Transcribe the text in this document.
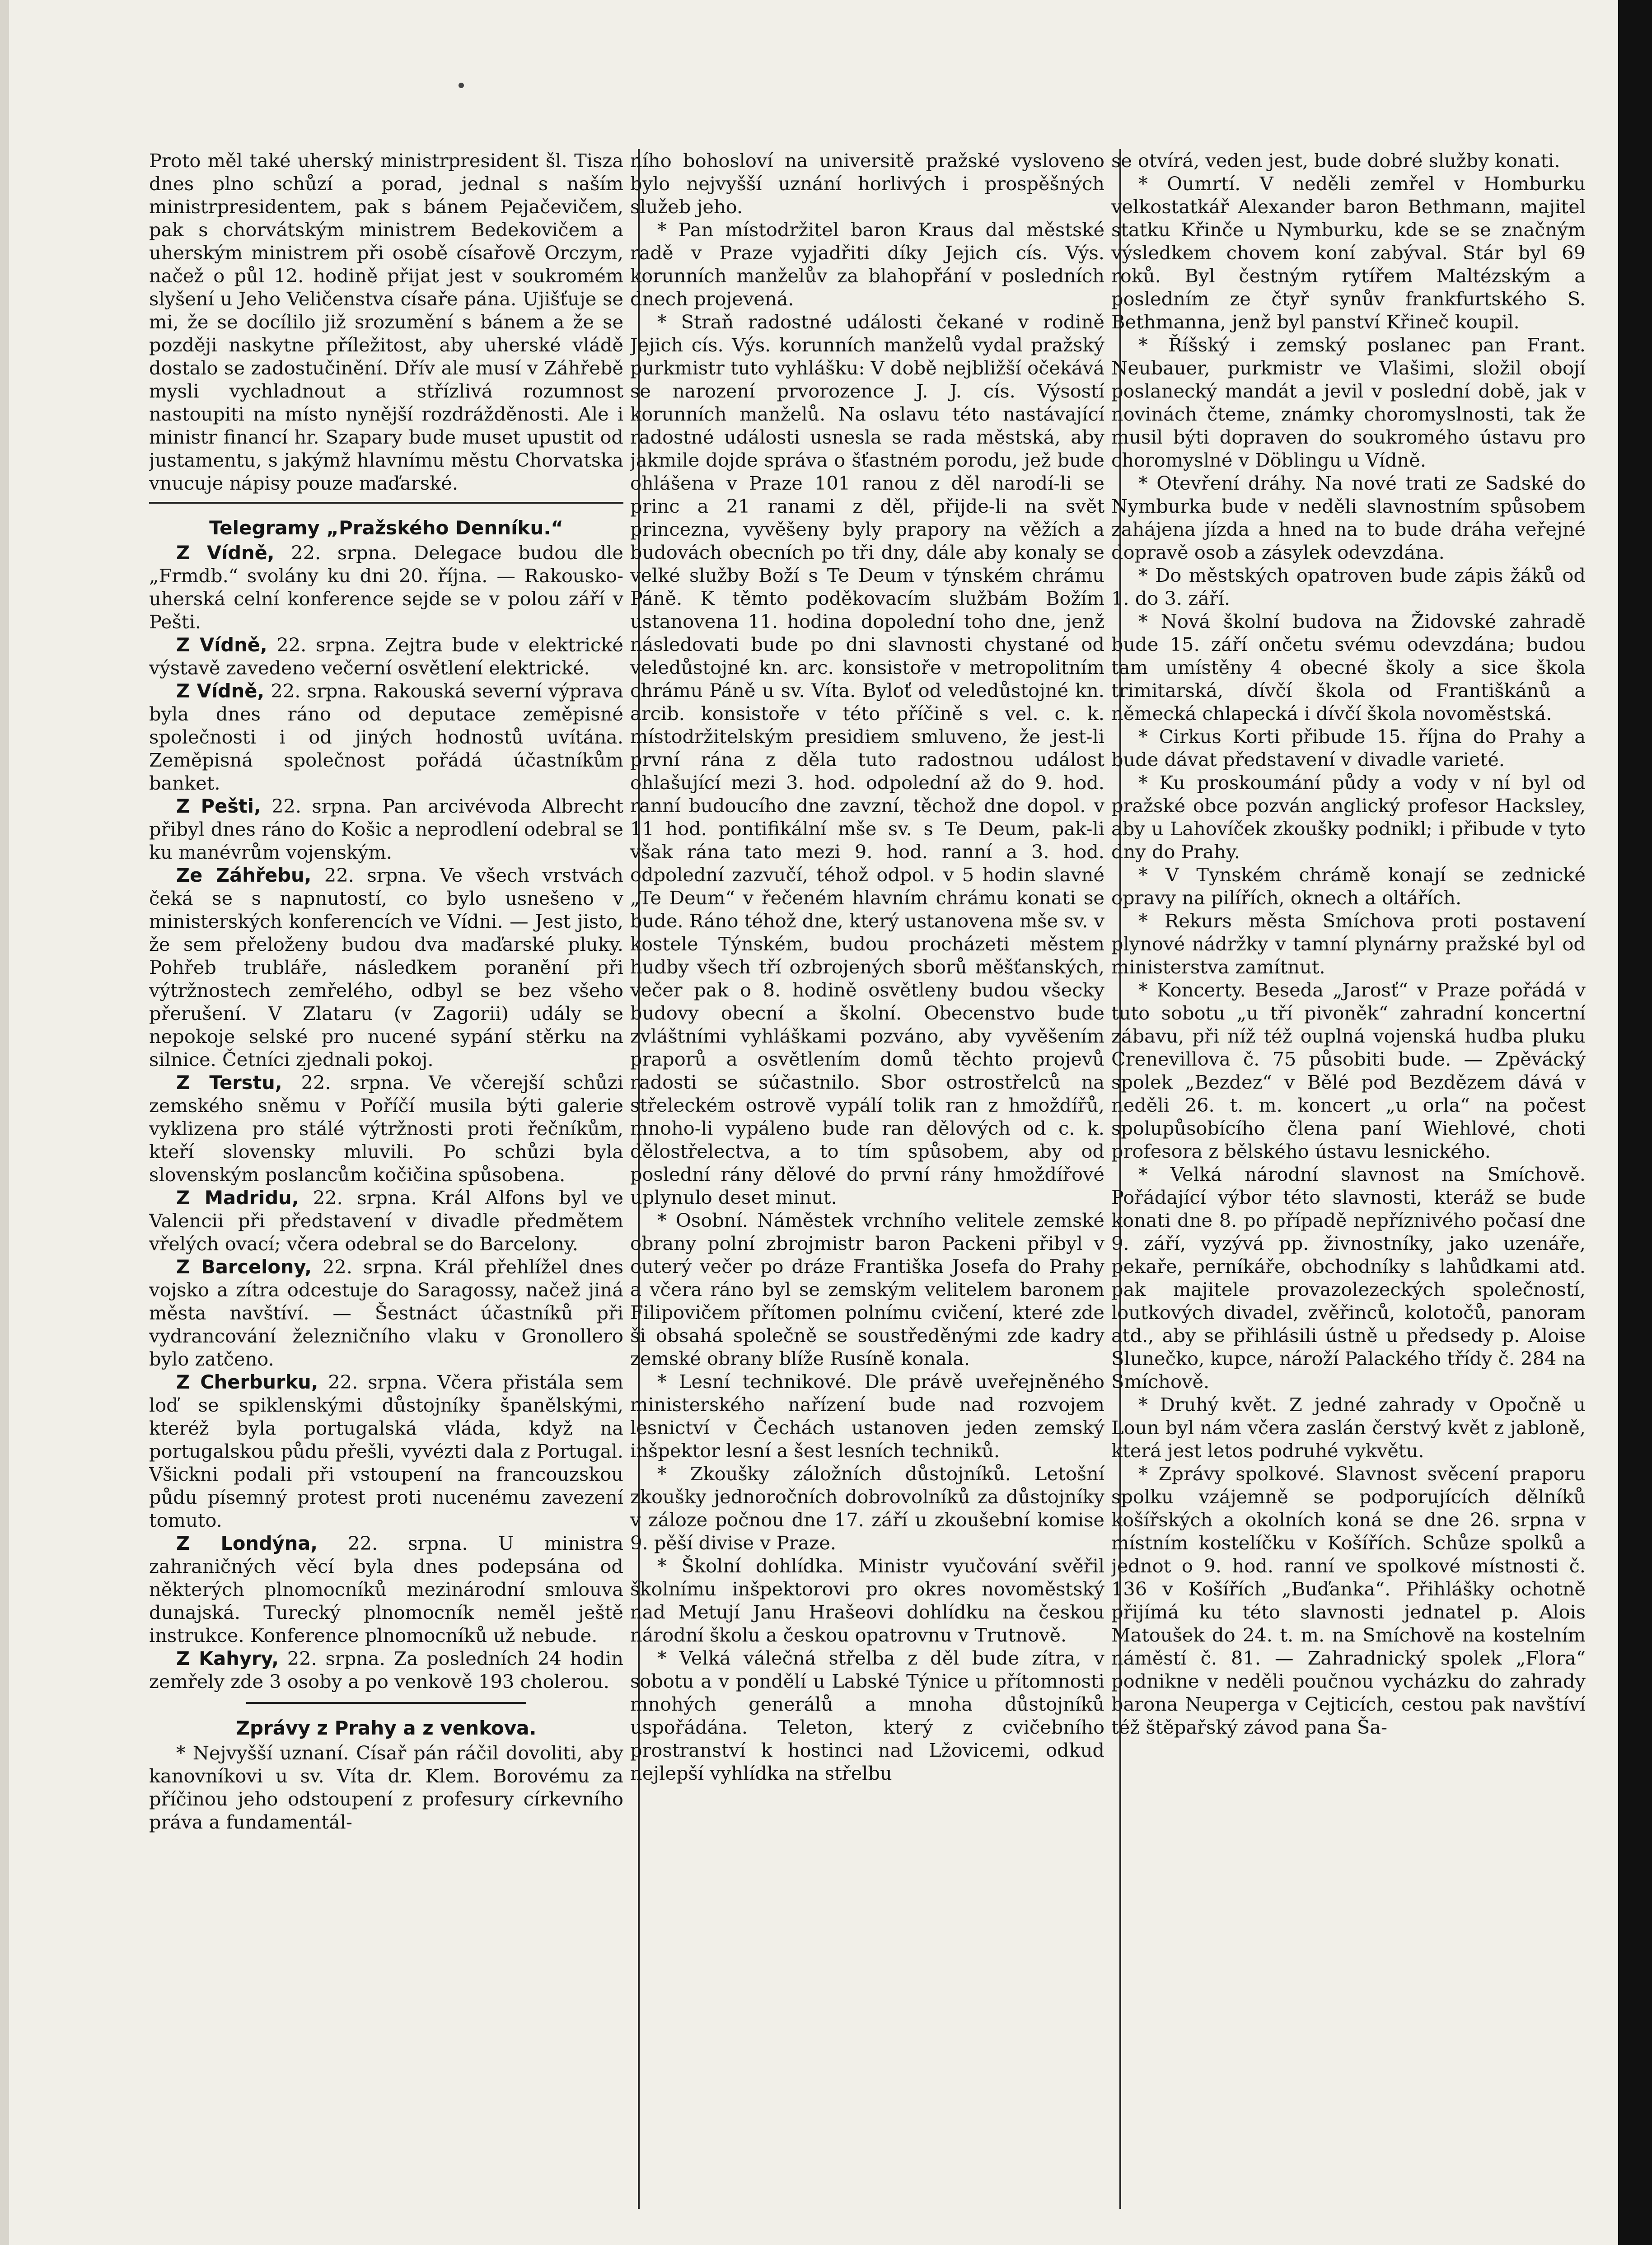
Proto měl také uherský ministrpresident šl. Tisza dnes plno schůzí a porad, jednal s naším ministrpresidentem, pak s bánem Pejačevičem, pak s chorvátským ministrem Bedekovičem a uherským ministrem při osobě císařově Orczym, načež o půl 12. hodině přijat jest v soukromém slyšení u Jeho Veličenstva císaře pána. Ujišťuje se mi, že se docílilo již srozumění s bánem a že se později naskytne příležitost, aby uherské vládě dostalo se zadostučinění. Dřív ale musí v Záhřebě mysli vychladnout a střízlivá rozumnost nastoupiti na místo nynější rozdrážděnosti. Ale i ministr financí hr. Szapary bude muset upustit od justamentu, s jakýmž hlavnímu městu Chorvatska vnucuje nápisy pouze maďarské.

Telegramy „Pražského Denníku.“

Z Vídně, 22. srpna. Delegace budou dle „Frmdb.“ svolány ku dni 20. října. — Rakousko-uherská celní konference sejde se v polou září v Pešti.

Z Vídně, 22. srpna. Zejtra bude v elektrické výstavě zavedeno večerní osvětlení elektrické.

Z Vídně, 22. srpna. Rakouská severní výprava byla dnes ráno od deputace zeměpisné společnosti i od jiných hodnostů uvítána. Zeměpisná společnost pořádá účastníkům banket.

Z Pešti, 22. srpna. Pan arcivévoda Albrecht přibyl dnes ráno do Košic a neprodlení odebral se ku manévrům vojenským.

Ze Záhřebu, 22. srpna. Ve všech vrstvách čeká se s napnutostí, co bylo usnešeno v ministerských konferencích ve Vídni. — Jest jisto, že sem přeloženy budou dva maďarské pluky. Pohřeb trubláře, následkem poranění při výtržnostech zemřelého, odbyl se bez všeho přerušení. V Zlataru (v Zagorii) udály se nepokoje selské pro nucené sypání stěrku na silnice. Četníci zjednali pokoj.

Z Terstu, 22. srpna. Ve včerejší schůzi zemského sněmu v Poříčí musila býti galerie vyklizena pro stálé výtržnosti proti řečníkům, kteří slovensky mluvili. Po schůzi byla slovenským poslancům kočičina spůsobena.

Z Madridu, 22. srpna. Král Alfons byl ve Valencii při představení v divadle předmětem vřelých ovací; včera odebral se do Barcelony.

Z Barcelony, 22. srpna. Král přehlížel dnes vojsko a zítra odcestuje do Saragossy, načež jiná města navštíví. — Šestnáct účastníků při vydrancování železničního vlaku v Gronollero bylo zatčeno.

Z Cherburku, 22. srpna. Včera přistála sem loď se spiklenskými důstojníky španělskými, kteréž byla portugalská vláda, když na portugalskou půdu přešli, vyvézti dala z Portugal. Všickni podali při vstoupení na francouzskou půdu písemný protest proti nucenému zavezení tomuto.

Z Londýna, 22. srpna. U ministra zahraničných věcí byla dnes podepsána od některých plnomocníků mezinárodní smlouva dunajská. Turecký plnomocník neměl ještě instrukce. Konference plnomocníků už nebude.

Z Kahyry, 22. srpna. Za posledních 24 hodin zemřely zde 3 osoby a po venkově 193 cholerou.

Zprávy z Prahy a z venkova.

* Nejvyšší uznaní. Císař pán ráčil dovoliti, aby kanovníkovi u sv. Víta dr. Klem. Borovému za příčinou jeho odstoupení z profesury církevního práva a fundamentál-

ního bohosloví na universitě pražské vysloveno bylo nejvyšší uznání horlivých i prospěšných služeb jeho.

* Pan místodržitel baron Kraus dal městské radě v Praze vyjadřiti díky Jejich cís. Výs. korunních manželův za blahopřání v posledních dnech projevená.

* Straň radostné události čekané v rodině Jejich cís. Výs. korunních manželů vydal pražský purkmistr tuto vyhlášku: V době nejbližší očekává se narození prvorozence J. J. cís. Výsostí korunních manželů. Na oslavu této nastávající radostné události usnesla se rada městská, aby jakmile dojde správa o šťastném porodu, jež bude ohlášena v Praze 101 ranou z děl narodí-li se princ a 21 ranami z děl, přijde-li na svět princezna, vyvěšeny byly prapory na věžích a budovách obecních po tři dny, dále aby konaly se velké služby Boží s Te Deum v týnském chrámu Páně. K těmto poděkovacím službám Božím ustanovena 11. hodina dopolední toho dne, jenž následovati bude po dni slavnosti chystané od veledůstojné kn. arc. konsistoře v metropolitním chrámu Páně u sv. Víta. Byloť od veledůstojné kn. arcib. konsistoře v této příčině s vel. c. k. místodržitelským presidiem smluveno, že jest-li první rána z děla tuto radostnou událost ohlašující mezi 3. hod. odpolední až do 9. hod. ranní budoucího dne zavzní, těchož dne dopol. v 11 hod. pontifikální mše sv. s Te Deum, pak-li však rána tato mezi 9. hod. ranní a 3. hod. odpolední zazvučí, téhož odpol. v 5 hodin slavné „Te Deum“ v řečeném hlavním chrámu konati se bude. Ráno téhož dne, který ustanovena mše sv. v kostele Týnském, budou procházeti městem hudby všech tří ozbrojených sborů měšťanských, večer pak o 8. hodině osvětleny budou všecky budovy obecní a školní. Obecenstvo bude zvláštními vyhláškami pozváno, aby vyvěšením praporů a osvětlením domů těchto projevů radosti se súčastnilo. Sbor ostrostřelců na střeleckém ostrově vypálí tolik ran z hmoždířů, mnoho-li vypáleno bude ran dělových od c. k. dělostřelectva, a to tím spůsobem, aby od poslední rány dělové do první rány hmoždířové uplynulo deset minut.

* Osobní. Náměstek vrchního velitele zemské obrany polní zbrojmistr baron Packeni přibyl v outerý večer po dráze Františka Josefa do Prahy a včera ráno byl se zemským velitelem baronem Filipovičem přítomen polnímu cvičení, které zde ši obsahá společně se soustředěnými zde kadry zemské obrany blíže Rusíně konala.

* Lesní technikové. Dle právě uveřejněného ministerského nařízení bude nad rozvojem lesnictví v Čechách ustanoven jeden zemský inšpektor lesní a šest lesních techniků.

* Zkoušky záložních důstojníků. Letošní zkoušky jednoročních dobrovolníků za důstojníky v záloze počnou dne 17. září u zkoušební komise 9. pěší divise v Praze.

* Školní dohlídka. Ministr vyučování svěřil školnímu inšpektorovi pro okres novoměstský nad Metují Janu Hrašeovi dohlídku na českou národní školu a českou opatrovnu v Trutnově.

* Velká válečná střelba z děl bude zítra, v sobotu a v pondělí u Labské Týnice u přítomnosti mnohých generálů a mnoha důstojníků uspořádána. Teleton, který z cvičebního prostranství k hostinci nad Lžovicemi, odkud nejlepší vyhlídka na střelbu

se otvírá, veden jest, bude dobré služby konati.

* Oumrtí. V neděli zemřel v Homburku velkostatkář Alexander baron Bethmann, majitel statku Křinče u Nymburku, kde se se značným výsledkem chovem koní zabýval. Stár byl 69 roků. Byl čestným rytířem Maltézským a posledním ze čtyř synův frankfurtského S. Bethmanna, jenž byl panství Křineč koupil.

* Říšský i zemský poslanec pan Frant. Neubauer, purkmistr ve Vlašimi, složil obojí poslanecký mandát a jevil v poslední době, jak v novinách čteme, známky choromyslnosti, tak že musil býti dopraven do soukromého ústavu pro choromyslné v Döblingu u Vídně.

* Otevření dráhy. Na nové trati ze Sadské do Nymburka bude v neděli slavnostním spůsobem zahájena jízda a hned na to bude dráha veřejné dopravě osob a zásylek odevzdána.

* Do městských opatroven bude zápis žáků od 1. do 3. září.

* Nová školní budova na Židovské zahradě bude 15. září ončetu svému odevzdána; budou tam umístěny 4 obecné školy a sice škola trimitarská, dívčí škola od Františkánů a německá chlapecká i dívčí škola novoměstská.

* Cirkus Korti přibude 15. října do Prahy a bude dávat představení v divadle varieté.

* Ku proskoumání půdy a vody v ní byl od pražské obce pozván anglický profesor Hacksley, aby u Lahovíček zkoušky podnikl; i přibude v tyto dny do Prahy.

* V Tynském chrámě konají se zednické opravy na pilířích, oknech a oltářích.

* Rekurs města Smíchova proti postavení plynové nádržky v tamní plynárny pražské byl od ministerstva zamítnut.

* Koncerty. Beseda „Jarosť“ v Praze pořádá v tuto sobotu „u tří pivoněk“ zahradní koncertní zábavu, při níž též ouplná vojenská hudba pluku Crenevillova č. 75 působiti bude. — Zpěvácký spolek „Bezdez“ v Bělé pod Bezdězem dává v neděli 26. t. m. koncert „u orla“ na počest spolupůsobícího člena paní Wiehlové, choti profesora z bělského ústavu lesnického.

* Velká národní slavnost na Smíchově. Pořádající výbor této slavnosti, kteráž se bude konati dne 8. po případě nepříznivého počasí dne 9. září, vyzývá pp. živnostníky, jako uzenáře, pekaře, perníkáře, obchodníky s lahůdkami atd. pak majitele provazolezeckých společností, loutkových divadel, zvěřinců, kolotočů, panoram atd., aby se přihlásili ústně u předsedy p. Aloise Slunečko, kupce, nároží Palackého třídy č. 284 na Smíchově.

* Druhý květ. Z jedné zahrady v Opočně u Loun byl nám včera zaslán čerstvý květ z jabloně, která jest letos podruhé vykvětu.

* Zprávy spolkové. Slavnost svěcení praporu spolku vzájemně se podporujících dělníků košířských a okolních koná se dne 26. srpna v místním kostelíčku v Košířích. Schůze spolků a jednot o 9. hod. ranní ve spolkové místnosti č. 136 v Košířích „Buďanka“. Přihlášky ochotně přijímá ku této slavnosti jednatel p. Alois Matoušek do 24. t. m. na Smíchově na kostelním náměstí č. 81. — Zahradnický spolek „Flora“ podnikne v neděli poučnou vycházku do zahrady barona Neuperga v Cejticích, cestou pak navštíví též štěpařský závod pana Ša-
